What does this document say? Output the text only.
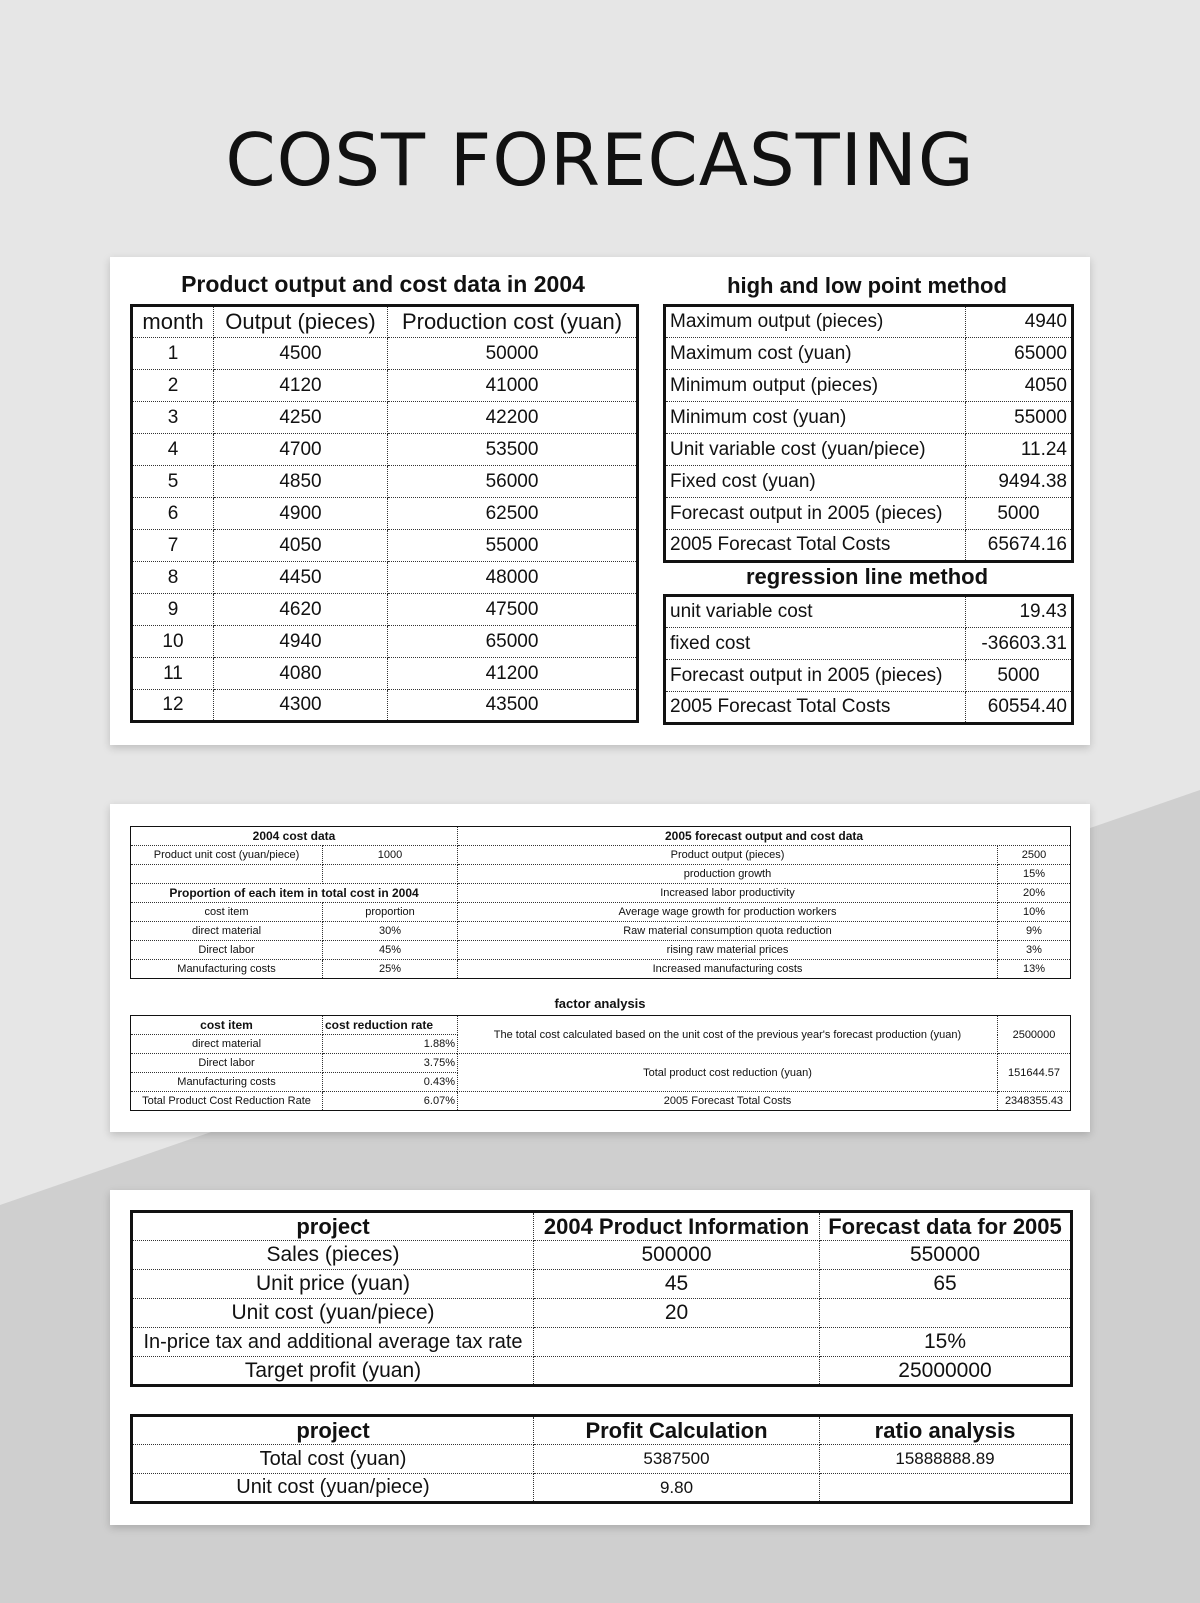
COST FORECASTING
Product output and cost data in 2004
month	Output (pieces)	Production cost (yuan)
1	4500	50000
2	4120	41000
3	4250	42200
4	4700	53500
5	4850	56000
6	4900	62500
7	4050	55000
8	4450	48000
9	4620	47500
10	4940	65000
11	4080	41200
12	4300	43500
high and low point method
Maximum output (pieces)	4940
Maximum cost (yuan)	65000
Minimum output (pieces)	4050
Minimum cost (yuan)	55000
Unit variable cost (yuan/piece)	11.24
Fixed cost (yuan)	9494.38
Forecast output in 2005 (pieces)	5000
2005 Forecast Total Costs	65674.16
regression line method
unit variable cost	19.43
fixed cost	-36603.31
Forecast output in 2005 (pieces)	5000
2005 Forecast Total Costs	60554.40
2004 cost data		2005 forecast output and cost data	
Product unit cost (yuan/piece)	1000	Product output (pieces)	2500
		production growth	15%
Proportion of each item in total cost in 2004		Increased labor productivity	20%
cost item	proportion	Average wage growth for production workers	10%
direct material	30%	Raw material consumption quota reduction	9%
Direct labor	45%	rising raw material prices	3%
Manufacturing costs	25%	Increased manufacturing costs	13%
factor analysis
cost item	cost reduction rate	The total cost calculated based on the unit cost of the previous year's forecast production (yuan)	2500000
direct material	1.88%		
Direct labor	3.75%	Total product cost reduction (yuan)	151644.57
Manufacturing costs	0.43%		
Total Product Cost Reduction Rate	6.07%	2005 Forecast Total Costs	2348355.43
project	2004 Product Information	Forecast data for 2005
Sales (pieces)	500000	550000
Unit price (yuan)	45	65
Unit cost (yuan/piece)	20	
In-price tax and additional average tax rate		15%
Target profit (yuan)		25000000
project	Profit Calculation	ratio analysis
Total cost (yuan)	5387500	15888888.89
Unit cost (yuan/piece)	9.80	
